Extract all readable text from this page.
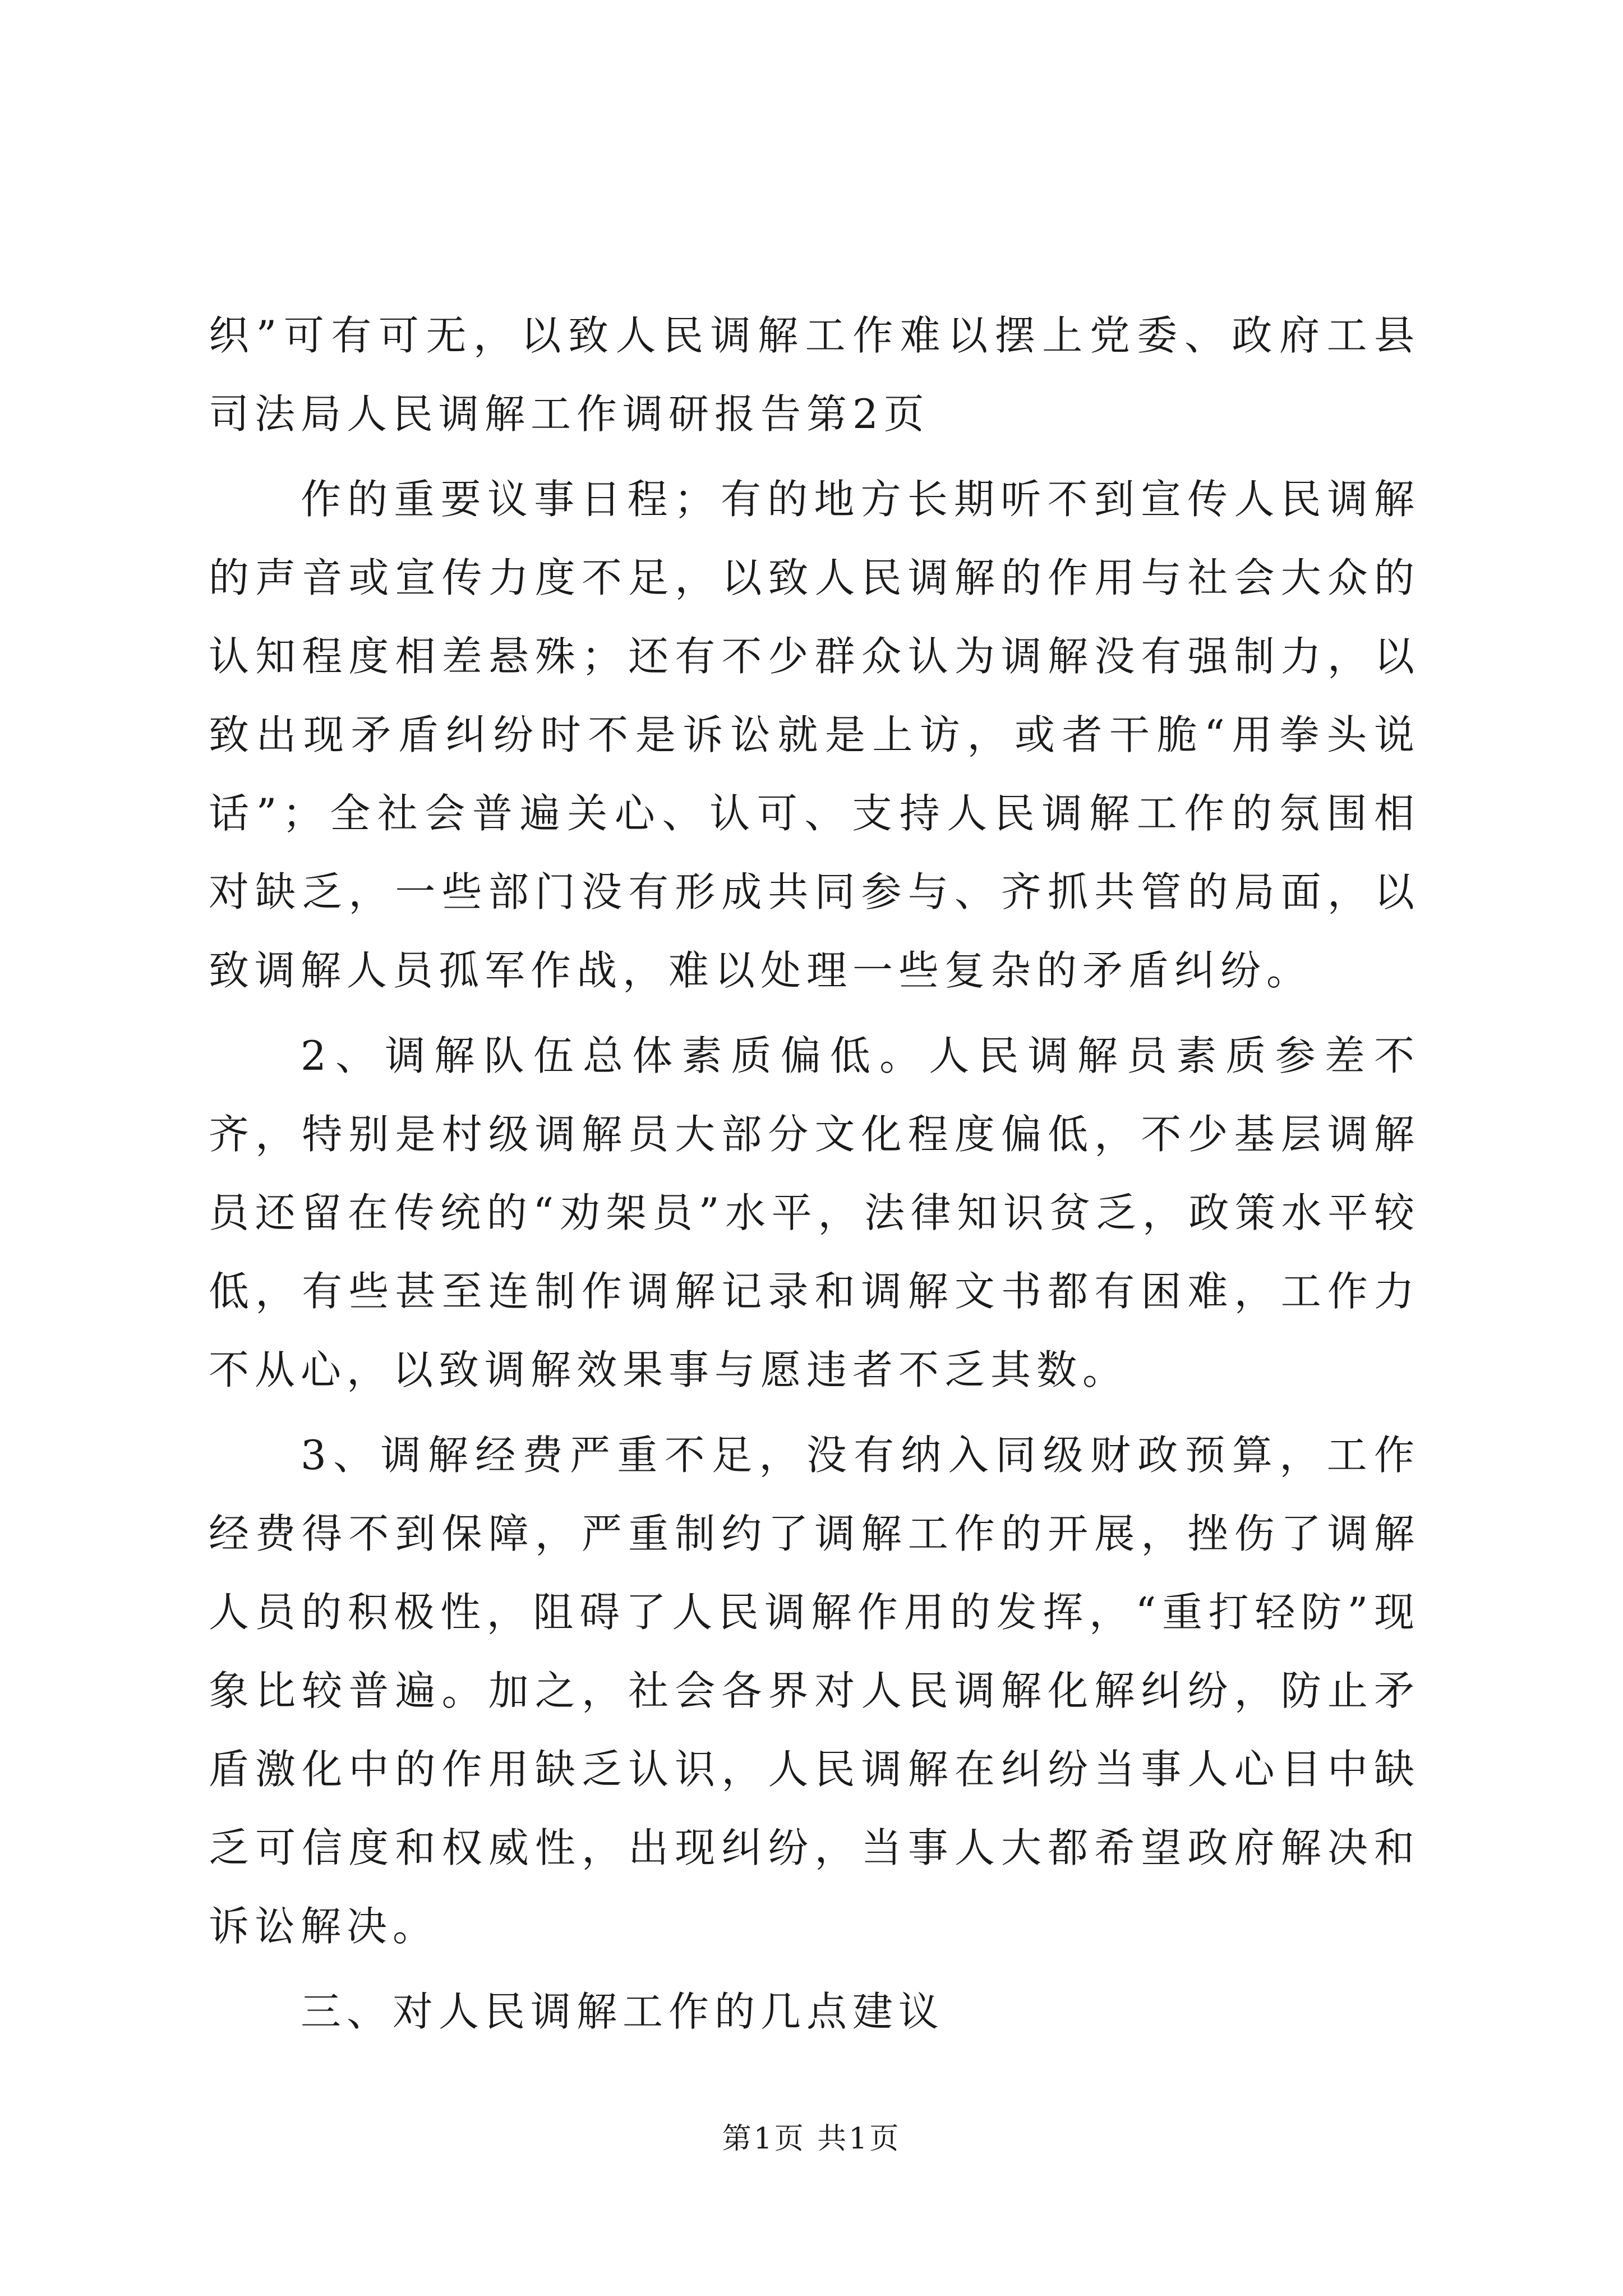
织”可有可无，以致人民调解工作难以摆上党委、政府工县司法局人民调解工作调研报告第2页

作的重要议事日程；有的地方长期听不到宣传人民调解的声音或宣传力度不足，以致人民调解的作用与社会大众的认知程度相差悬殊；还有不少群众认为调解没有强制力，以致出现矛盾纠纷时不是诉讼就是上访，或者干脆“用拳头说话”；全社会普遍关心、认可、支持人民调解工作的氛围相对缺乏，一些部门没有形成共同参与、齐抓共管的局面，以致调解人员孤军作战，难以处理一些复杂的矛盾纠纷。

2、调解队伍总体素质偏低。人民调解员素质参差不齐，特别是村级调解员大部分文化程度偏低，不少基层调解员还留在传统的“劝架员”水平，法律知识贫乏，政策水平较低，有些甚至连制作调解记录和调解文书都有困难，工作力不从心，以致调解效果事与愿违者不乏其数。

3、调解经费严重不足，没有纳入同级财政预算，工作经费得不到保障，严重制约了调解工作的开展，挫伤了调解人员的积极性，阻碍了人民调解作用的发挥，“重打轻防”现象比较普遍。加之，社会各界对人民调解化解纠纷，防止矛盾激化中的作用缺乏认识，人民调解在纠纷当事人心目中缺乏可信度和权威性，出现纠纷，当事人大都希望政府解决和诉讼解决。

三、对人民调解工作的几点建议

第1页 共1页
